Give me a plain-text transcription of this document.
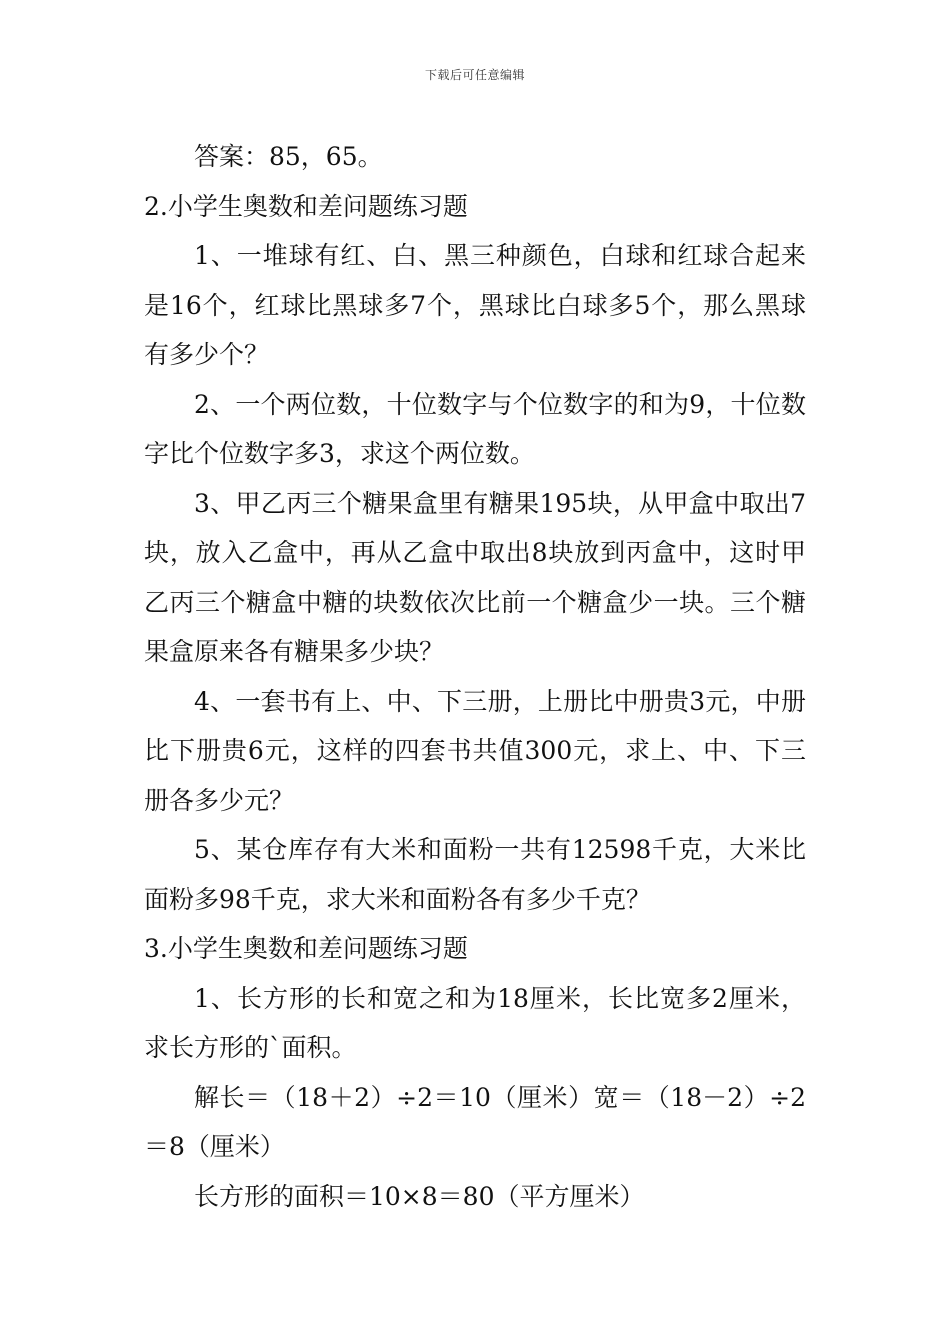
下载后可任意编辑

答案：85，65。

2.小学生奥数和差问题练习题

1、一堆球有红、白、黑三种颜色，白球和红球合起来是16个，红球比黑球多7个，黑球比白球多5个，那么黑球有多少个？

2、一个两位数，十位数字与个位数字的和为9，十位数字比个位数字多3，求这个两位数。

3、甲乙丙三个糖果盒里有糖果195块，从甲盒中取出7块，放入乙盒中，再从乙盒中取出8块放到丙盒中，这时甲乙丙三个糖盒中糖的块数依次比前一个糖盒少一块。三个糖果盒原来各有糖果多少块？

4、一套书有上、中、下三册，上册比中册贵3元，中册比下册贵6元，这样的四套书共值300元，求上、中、下三册各多少元？

5、某仓库存有大米和面粉一共有12598千克，大米比面粉多98千克，求大米和面粉各有多少千克？

3.小学生奥数和差问题练习题

1、长方形的长和宽之和为18厘米，长比宽多2厘米，求长方形的`面积。

解长＝（18＋2）÷2＝10（厘米）宽＝（18－2）÷2＝8（厘米）

长方形的面积＝10×8＝80（平方厘米）
